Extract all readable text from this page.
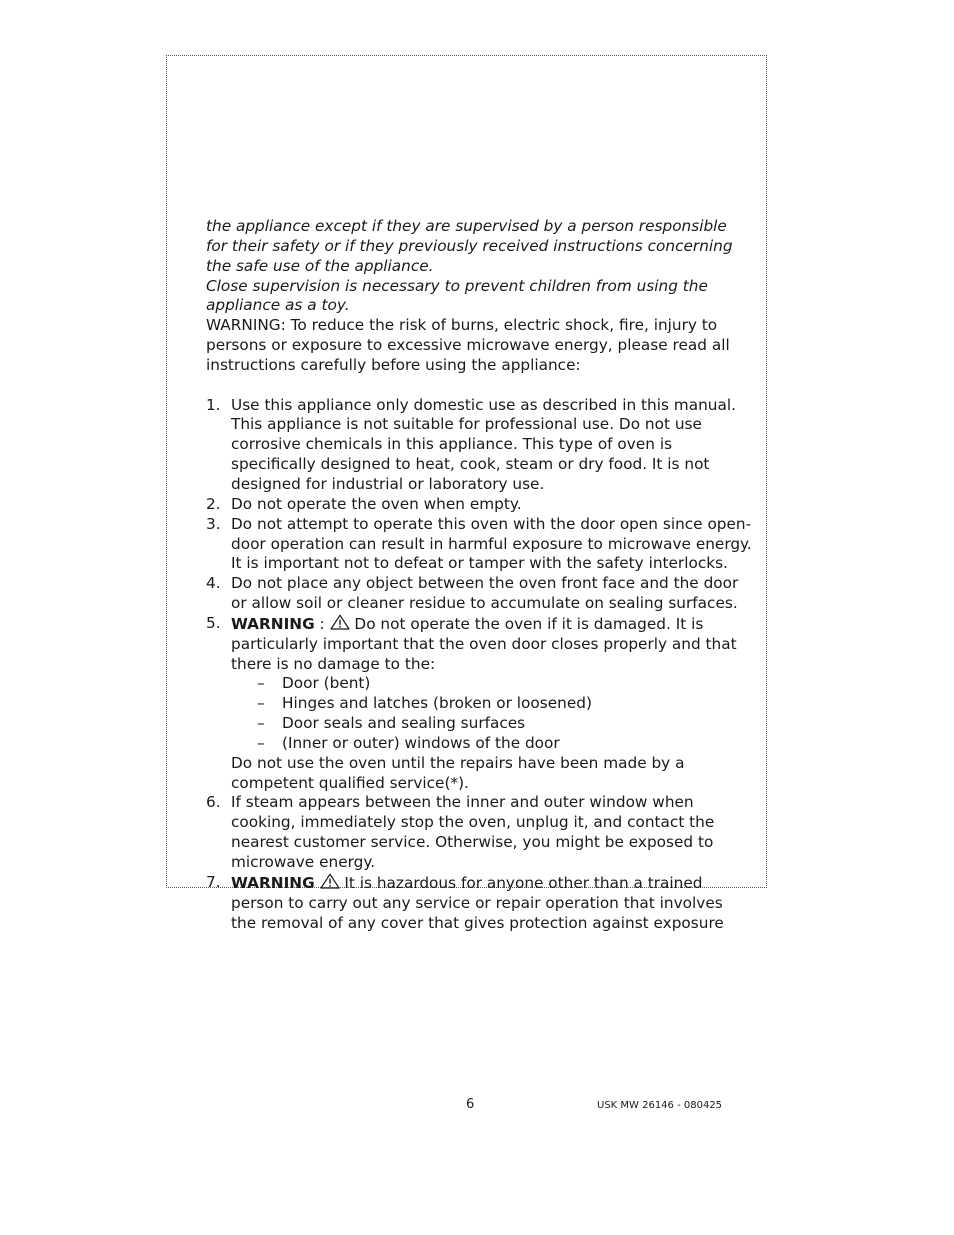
the appliance except if they are supervised by a person responsible for their safety or if they previously received instructions concerning the safe use of the appliance.

Close supervision is necessary to prevent children from using the appliance as a toy.

WARNING: To reduce the risk of burns, electric shock, fire, injury to persons or exposure to excessive microwave energy, please read all instructions carefully before using the appliance:

1. Use this appliance only domestic use as described in this manual. This appliance is not suitable for professional use. Do not use corrosive chemicals in this appliance. This type of oven is specifically designed to heat, cook, steam or dry food. It is not designed for industrial or laboratory use.
2. Do not operate the oven when empty.
3. Do not attempt to operate this oven with the door open since open-door operation can result in harmful exposure to microwave energy. It is important not to defeat or tamper with the safety interlocks.
4. Do not place any object between the oven front face and the door or allow soil or cleaner residue to accumulate on sealing surfaces.
5. WARNING :  Do not operate the oven if it is damaged. It is particularly important that the oven door closes properly and that there is no damage to the:
– Door (bent)
– Hinges and latches (broken or loosened)
– Door seals and sealing surfaces
– (Inner or outer) windows of the door
Do not use the oven until the repairs have been made by a competent qualified service(*).
6. If steam appears between the inner and outer window when cooking, immediately stop the oven, unplug it, and contact the nearest customer service. Otherwise, you might be exposed to microwave energy.
7. WARNING It is hazardous for anyone other than a trained person to carry out any service or repair operation that involves the removal of any cover that gives protection against exposure
6	USK MW 26146 - 080425
